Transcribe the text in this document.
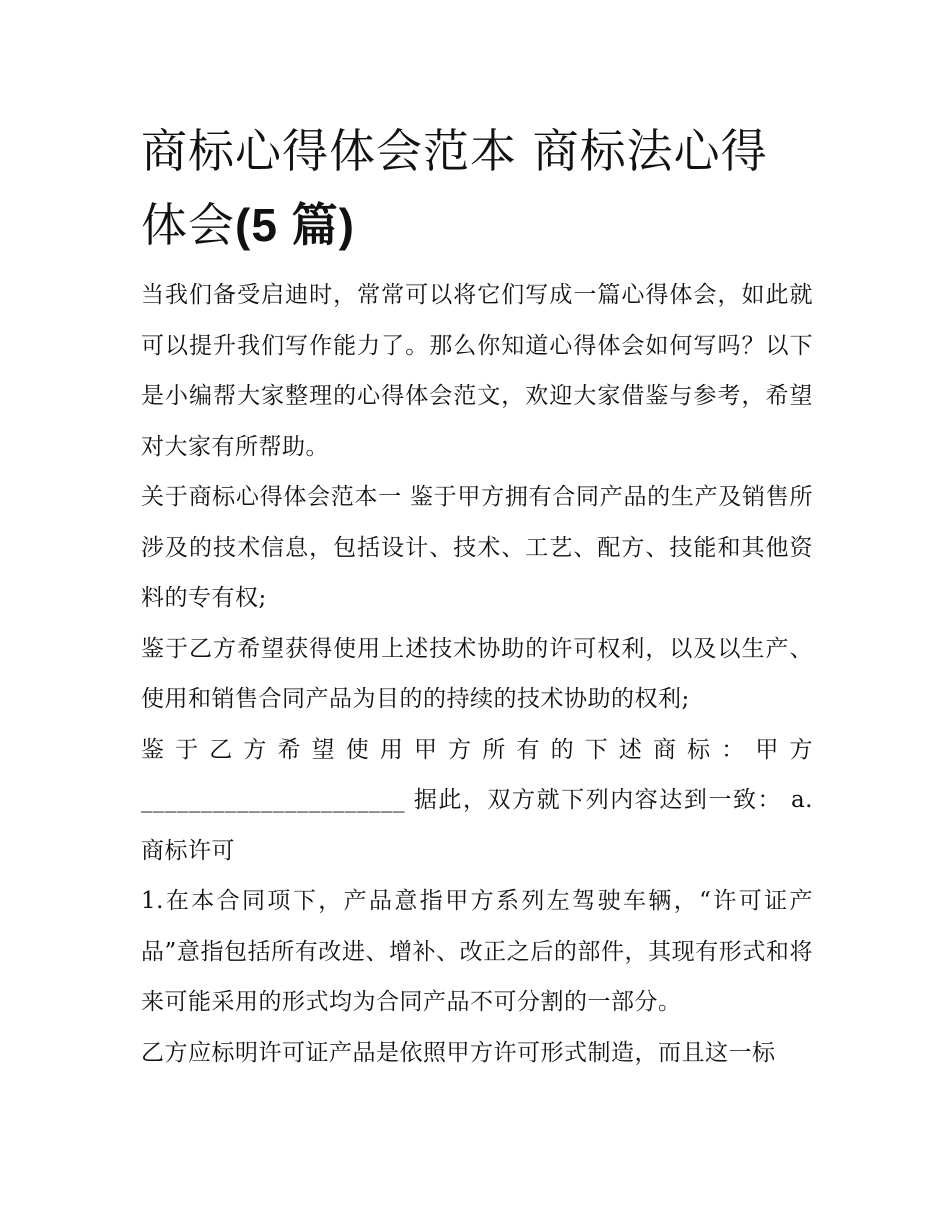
商标心得体会范本 商标法心得体会(5 篇)

当我们备受启迪时，常常可以将它们写成一篇心得体会，如此就可以提升我们写作能力了。那么你知道心得体会如何写吗？以下是小编帮大家整理的心得体会范文，欢迎大家借鉴与参考，希望对大家有所帮助。

关于商标心得体会范本一 鉴于甲方拥有合同产品的生产及销售所涉及的技术信息，包括设计、技术、工艺、配方、技能和其他资料的专有权;

鉴于乙方希望获得使用上述技术协助的许可权利，以及以生产、使用和销售合同产品为目的的持续的技术协助的权利;

鉴于乙方希望使用甲方所有的下述商标：甲方 ______________________ 据此，双方就下列内容达到一致： a. 商标许可

1.在本合同项下，产品意指甲方系列左驾驶车辆，“许可证产品”意指包括所有改进、增补、改正之后的部件，其现有形式和将来可能采用的形式均为合同产品不可分割的一部分。

乙方应标明许可证产品是依照甲方许可形式制造，而且这一标
